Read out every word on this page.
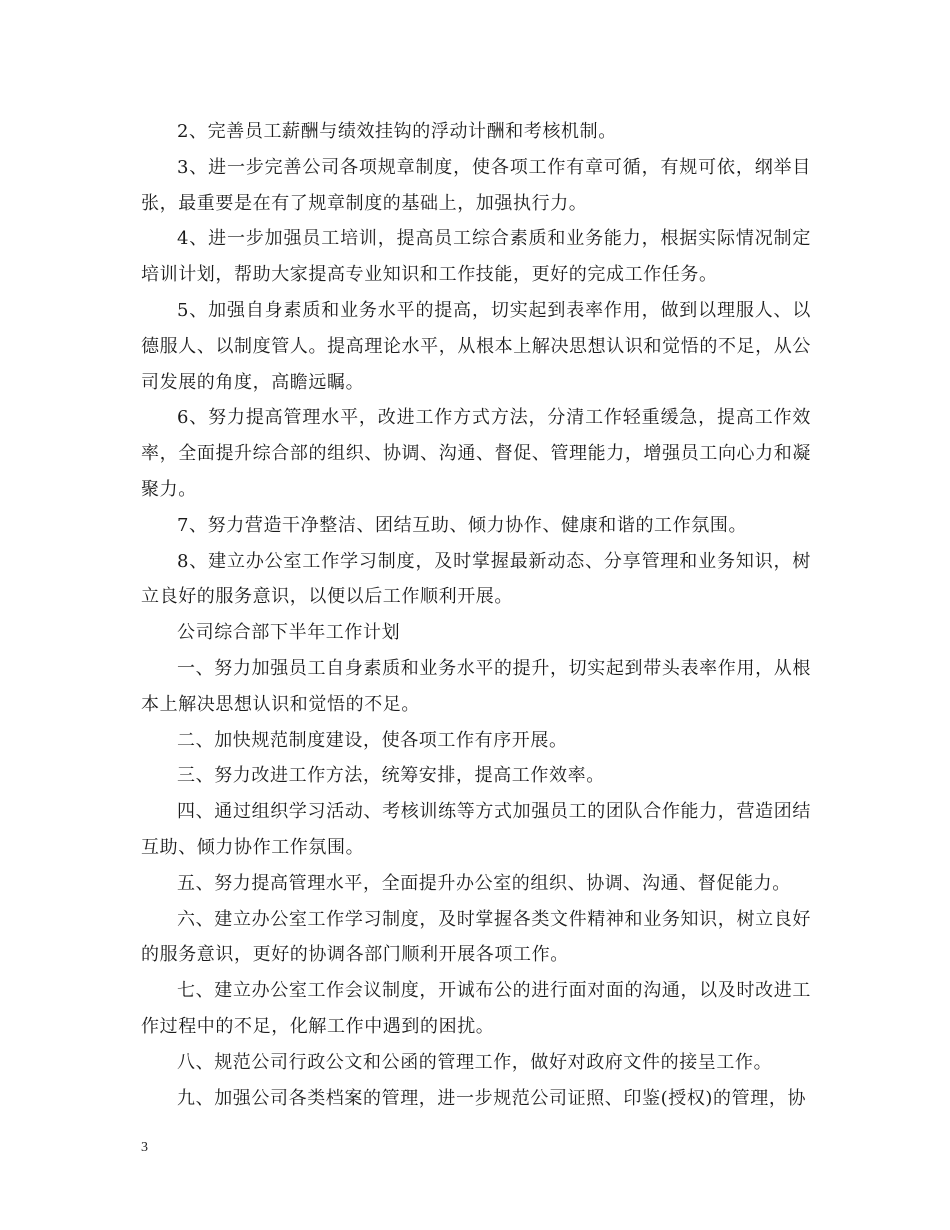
2、完善员工薪酬与绩效挂钩的浮动计酬和考核机制。

3、进一步完善公司各项规章制度，使各项工作有章可循，有规可依，纲举目张，最重要是在有了规章制度的基础上，加强执行力。

4、进一步加强员工培训，提高员工综合素质和业务能力，根据实际情况制定培训计划，帮助大家提高专业知识和工作技能，更好的完成工作任务。

5、加强自身素质和业务水平的提高，切实起到表率作用，做到以理服人、以德服人、以制度管人。提高理论水平，从根本上解决思想认识和觉悟的不足，从公司发展的角度，高瞻远瞩。

6、努力提高管理水平，改进工作方式方法，分清工作轻重缓急，提高工作效率，全面提升综合部的组织、协调、沟通、督促、管理能力，增强员工向心力和凝聚力。

7、努力营造干净整洁、团结互助、倾力协作、健康和谐的工作氛围。

8、建立办公室工作学习制度，及时掌握最新动态、分享管理和业务知识，树立良好的服务意识，以便以后工作顺利开展。

公司综合部下半年工作计划

一、努力加强员工自身素质和业务水平的提升，切实起到带头表率作用，从根本上解决思想认识和觉悟的不足。

二、加快规范制度建设，使各项工作有序开展。

三、努力改进工作方法，统筹安排，提高工作效率。

四、通过组织学习活动、考核训练等方式加强员工的团队合作能力，营造团结互助、倾力协作工作氛围。

五、努力提高管理水平，全面提升办公室的组织、协调、沟通、督促能力。

六、建立办公室工作学习制度，及时掌握各类文件精神和业务知识，树立良好的服务意识，更好的协调各部门顺利开展各项工作。

七、建立办公室工作会议制度，开诚布公的进行面对面的沟通，以及时改进工作过程中的不足，化解工作中遇到的困扰。

八、规范公司行政公文和公函的管理工作，做好对政府文件的接呈工作。

九、加强公司各类档案的管理，进一步规范公司证照、印鉴(授权)的管理，协

3
